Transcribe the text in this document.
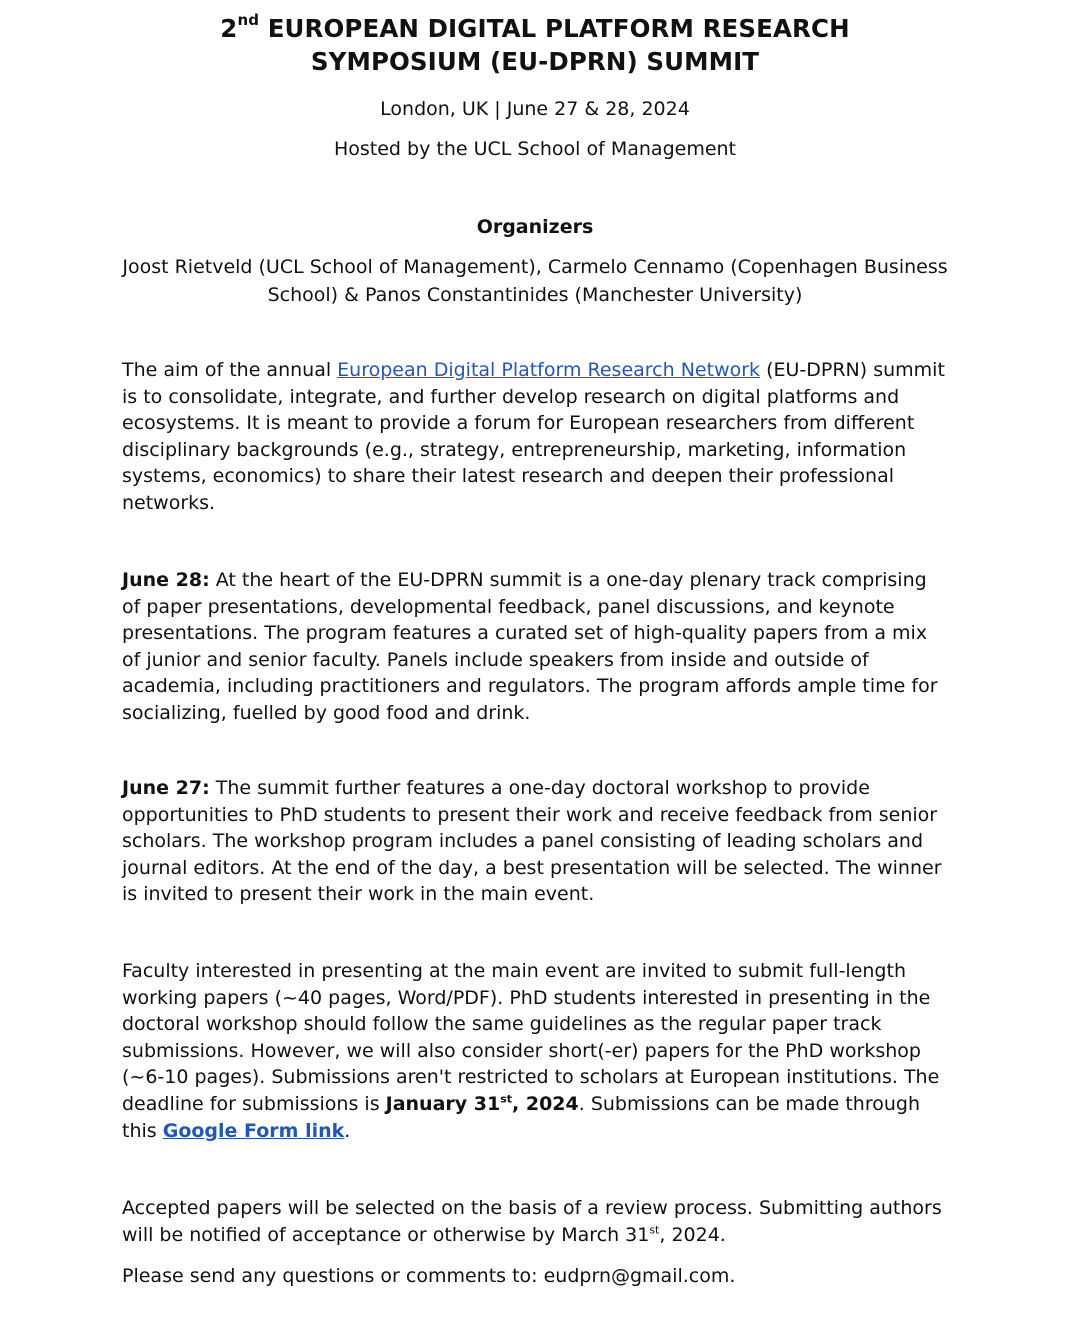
2nd EUROPEAN DIGITAL PLATFORM RESEARCH
SYMPOSIUM (EU-DPRN) SUMMIT
London, UK | June 27 & 28, 2024
Hosted by the UCL School of Management
Organizers
Joost Rietveld (UCL School of Management), Carmelo Cennamo (Copenhagen Business School) & Panos Constantinides (Manchester University)

The aim of the annual European Digital Platform Research Network (EU-DPRN) summit is to consolidate, integrate, and further develop research on digital platforms and ecosystems. It is meant to provide a forum for European researchers from different disciplinary backgrounds (e.g., strategy, entrepreneurship, marketing, information systems, economics) to share their latest research and deepen their professional networks.

June 28: At the heart of the EU-DPRN summit is a one-day plenary track comprising of paper presentations, developmental feedback, panel discussions, and keynote presentations. The program features a curated set of high-quality papers from a mix of junior and senior faculty. Panels include speakers from inside and outside of academia, including practitioners and regulators. The program affords ample time for socializing, fuelled by good food and drink.

June 27: The summit further features a one-day doctoral workshop to provide opportunities to PhD students to present their work and receive feedback from senior scholars. The workshop program includes a panel consisting of leading scholars and journal editors. At the end of the day, a best presentation will be selected. The winner is invited to present their work in the main event.

Faculty interested in presenting at the main event are invited to submit full-length working papers (~40 pages, Word/PDF). PhD students interested in presenting in the doctoral workshop should follow the same guidelines as the regular paper track submissions. However, we will also consider short(-er) papers for the PhD workshop (~6-10 pages). Submissions aren't restricted to scholars at European institutions. The deadline for submissions is January 31st, 2024. Submissions can be made through this Google Form link.

Accepted papers will be selected on the basis of a review process. Submitting authors will be notified of acceptance or otherwise by March 31st, 2024.

Please send any questions or comments to: eudprn@gmail.com.
